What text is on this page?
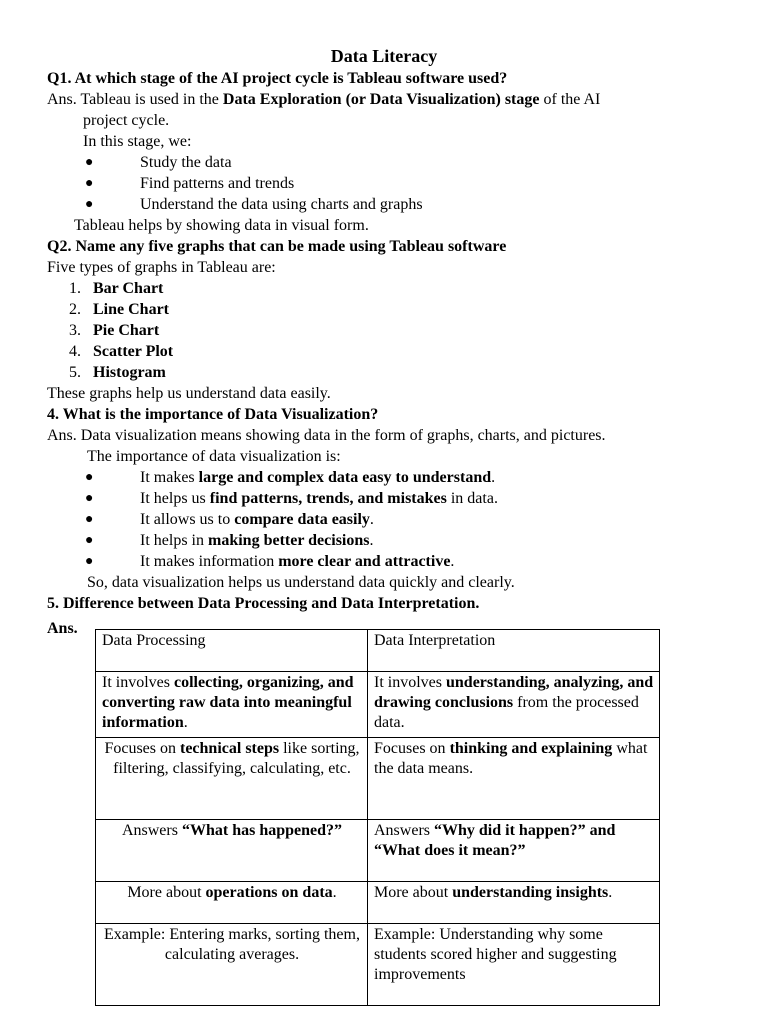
Data Literacy

Q1. At which stage of the AI project cycle is Tableau software used?

Ans. Tableau is used in the Data Exploration (or Data Visualization) stage of the AI

project cycle.

In this stage, we:

●	Study the data
●	Find patterns and trends
●	Understand the data using charts and graphs

Tableau helps by showing data in visual form.

Q2. Name any five graphs that can be made using Tableau software

Five types of graphs in Tableau are:

1. Bar Chart
2. Line Chart
3. Pie Chart
4. Scatter Plot
5. Histogram

These graphs help us understand data easily.

4. What is the importance of Data Visualization?

Ans. Data visualization means showing data in the form of graphs, charts, and pictures.

The importance of data visualization is:

●	It makes large and complex data easy to understand.
●	It helps us find patterns, trends, and mistakes in data.
●	It allows us to compare data easily.
●	It helps in making better decisions.
●	It makes information more clear and attractive.

So, data visualization helps us understand data quickly and clearly.

5. Difference between Data Processing and Data Interpretation.

Ans.
Data Processing	Data Interpretation
It involves collecting, organizing, and converting raw data into meaningful information.	It involves understanding, analyzing, and drawing conclusions from the processed data.
Focuses on technical steps like sorting, filtering, classifying, calculating, etc.	Focuses on thinking and explaining what the data means.
Answers “What has happened?”	Answers “Why did it happen?” and “What does it mean?”
More about operations on data.	More about understanding insights.
Example: Entering marks, sorting them, calculating averages.	Example: Understanding why some students scored higher and suggesting improvements
